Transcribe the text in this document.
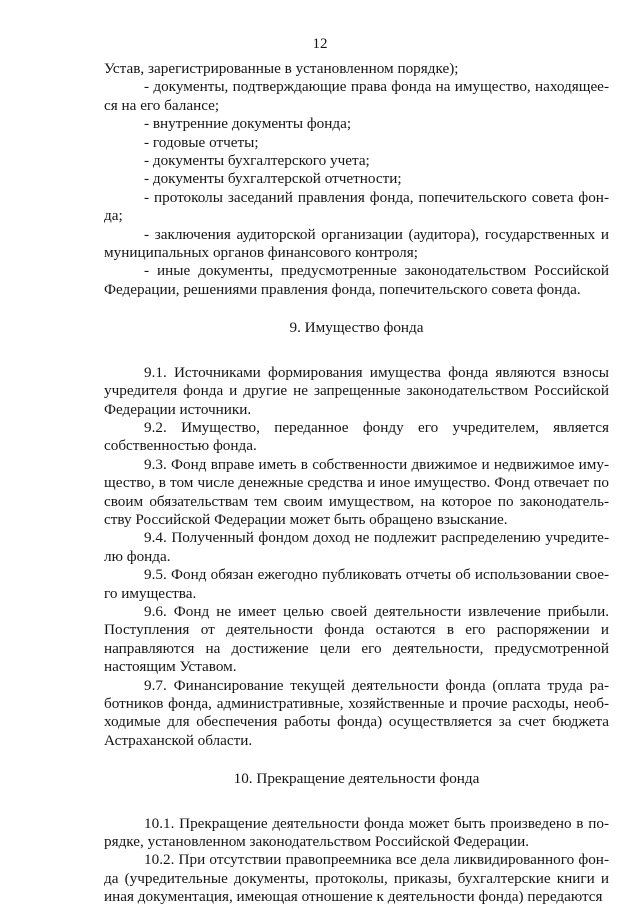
12

Устав, зарегистрированные в установленном порядке);

- документы, подтверждающие права фонда на имущество, находящееся на его балансе;

- внутренние документы фонда;

- годовые отчеты;

- документы бухгалтерского учета;

- документы бухгалтерской отчетности;

- протоколы заседаний правления фонда, попечительского совета фонда;

- заключения аудиторской организации (аудитора), государственных и муниципальных органов финансового контроля;

- иные документы, предусмотренные законодательством Российской Федерации, решениями правления фонда, попечительского совета фонда.

9. Имущество фонда

9.1. Источниками формирования имущества фонда являются взносы учредителя фонда и другие не запрещенные законодательством Российской Федерации источники.

9.2. Имущество, переданное фонду его учредителем, является собственностью фонда.

9.3. Фонд вправе иметь в собственности движимое и недвижимое имущество, в том числе денежные средства и иное имущество. Фонд отвечает по своим обязательствам тем своим имуществом, на которое по законодательству Российской Федерации может быть обращено взыскание.

9.4. Полученный фондом доход не подлежит распределению учредителю фонда.

9.5. Фонд обязан ежегодно публиковать отчеты об использовании своего имущества.

9.6. Фонд не имеет целью своей деятельности извлечение прибыли. Поступления от деятельности фонда остаются в его распоряжении и направляются на достижение цели его деятельности, предусмотренной настоящим Уставом.

9.7. Финансирование текущей деятельности фонда (оплата труда работников фонда, административные, хозяйственные и прочие расходы, необходимые для обеспечения работы фонда) осуществляется за счет бюджета Астраханской области.

10. Прекращение деятельности фонда

10.1. Прекращение деятельности фонда может быть произведено в порядке, установленном законодательством Российской Федерации.

10.2. При отсутствии правопреемника все дела ликвидированного фонда (учредительные документы, протоколы, приказы, бухгалтерские книги и иная документация, имеющая отношение к деятельности фонда) передаются
